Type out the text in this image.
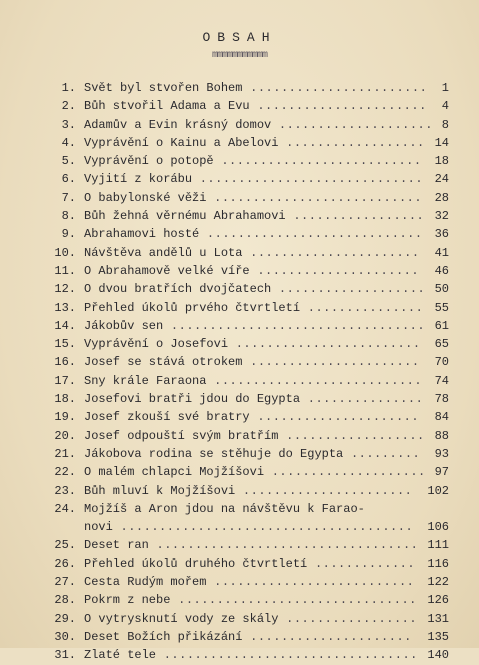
OBSAH
mmmmmmmmmmm
1. Svět byl stvořen Bohem .......................	1
2. Bůh stvořil Adama a Evu ......................	4
3. Adamův a Evin krásný domov .................... 8
4. Vyprávění o Kainu a Abelovi .................. 14
5. Vyprávění o potopě ..........................	18
6. Vyjití z korábu ............................. 24
7. O babylonské věži ...........................	28
8. Bůh žehná věrnému Abrahamovi ................. 32
9. Abrahamovi hosté ............................	36
10. Návštěva andělů u Lota ......................	41
11. O Abrahamově velké víře .....................	46
12. O dvou bratřích dvojčatech ................... 50
13. Přehled úkolů prvého čtvrtletí ............... 55
14. Jákobův sen ................................. 61
15. Vyprávění o Josefovi ........................	65
16. Josef se stává otrokem ......................	70
17. Sny krále Faraona ...........................	74
18. Josefovi bratři jdou do Egypta ............... 78
19. Josef zkouší své bratry .....................	84
20. Josef odpouští svým bratřím .................. 88
21. Jákobova rodina se stěhuje do Egypta .........	93
22. O malém chlapci Mojžíšovi .................... 97
23. Bůh mluví k Mojžíšovi ......................	102
24. Mojžíš a Aron jdou na návštěvu k Farao-
novi ......................................	106
25. Deset ran .................................. 111
26. Přehled úkolů druhého čtvrtletí .............	116
27. Cesta Rudým mořem ..........................	122
28. Pokrm z nebe ............................... 126
29. O vytrysknutí vody ze skály ................. 131
30. Deset Božích přikázání .....................	135
31. Zlaté tele ................................. 140
